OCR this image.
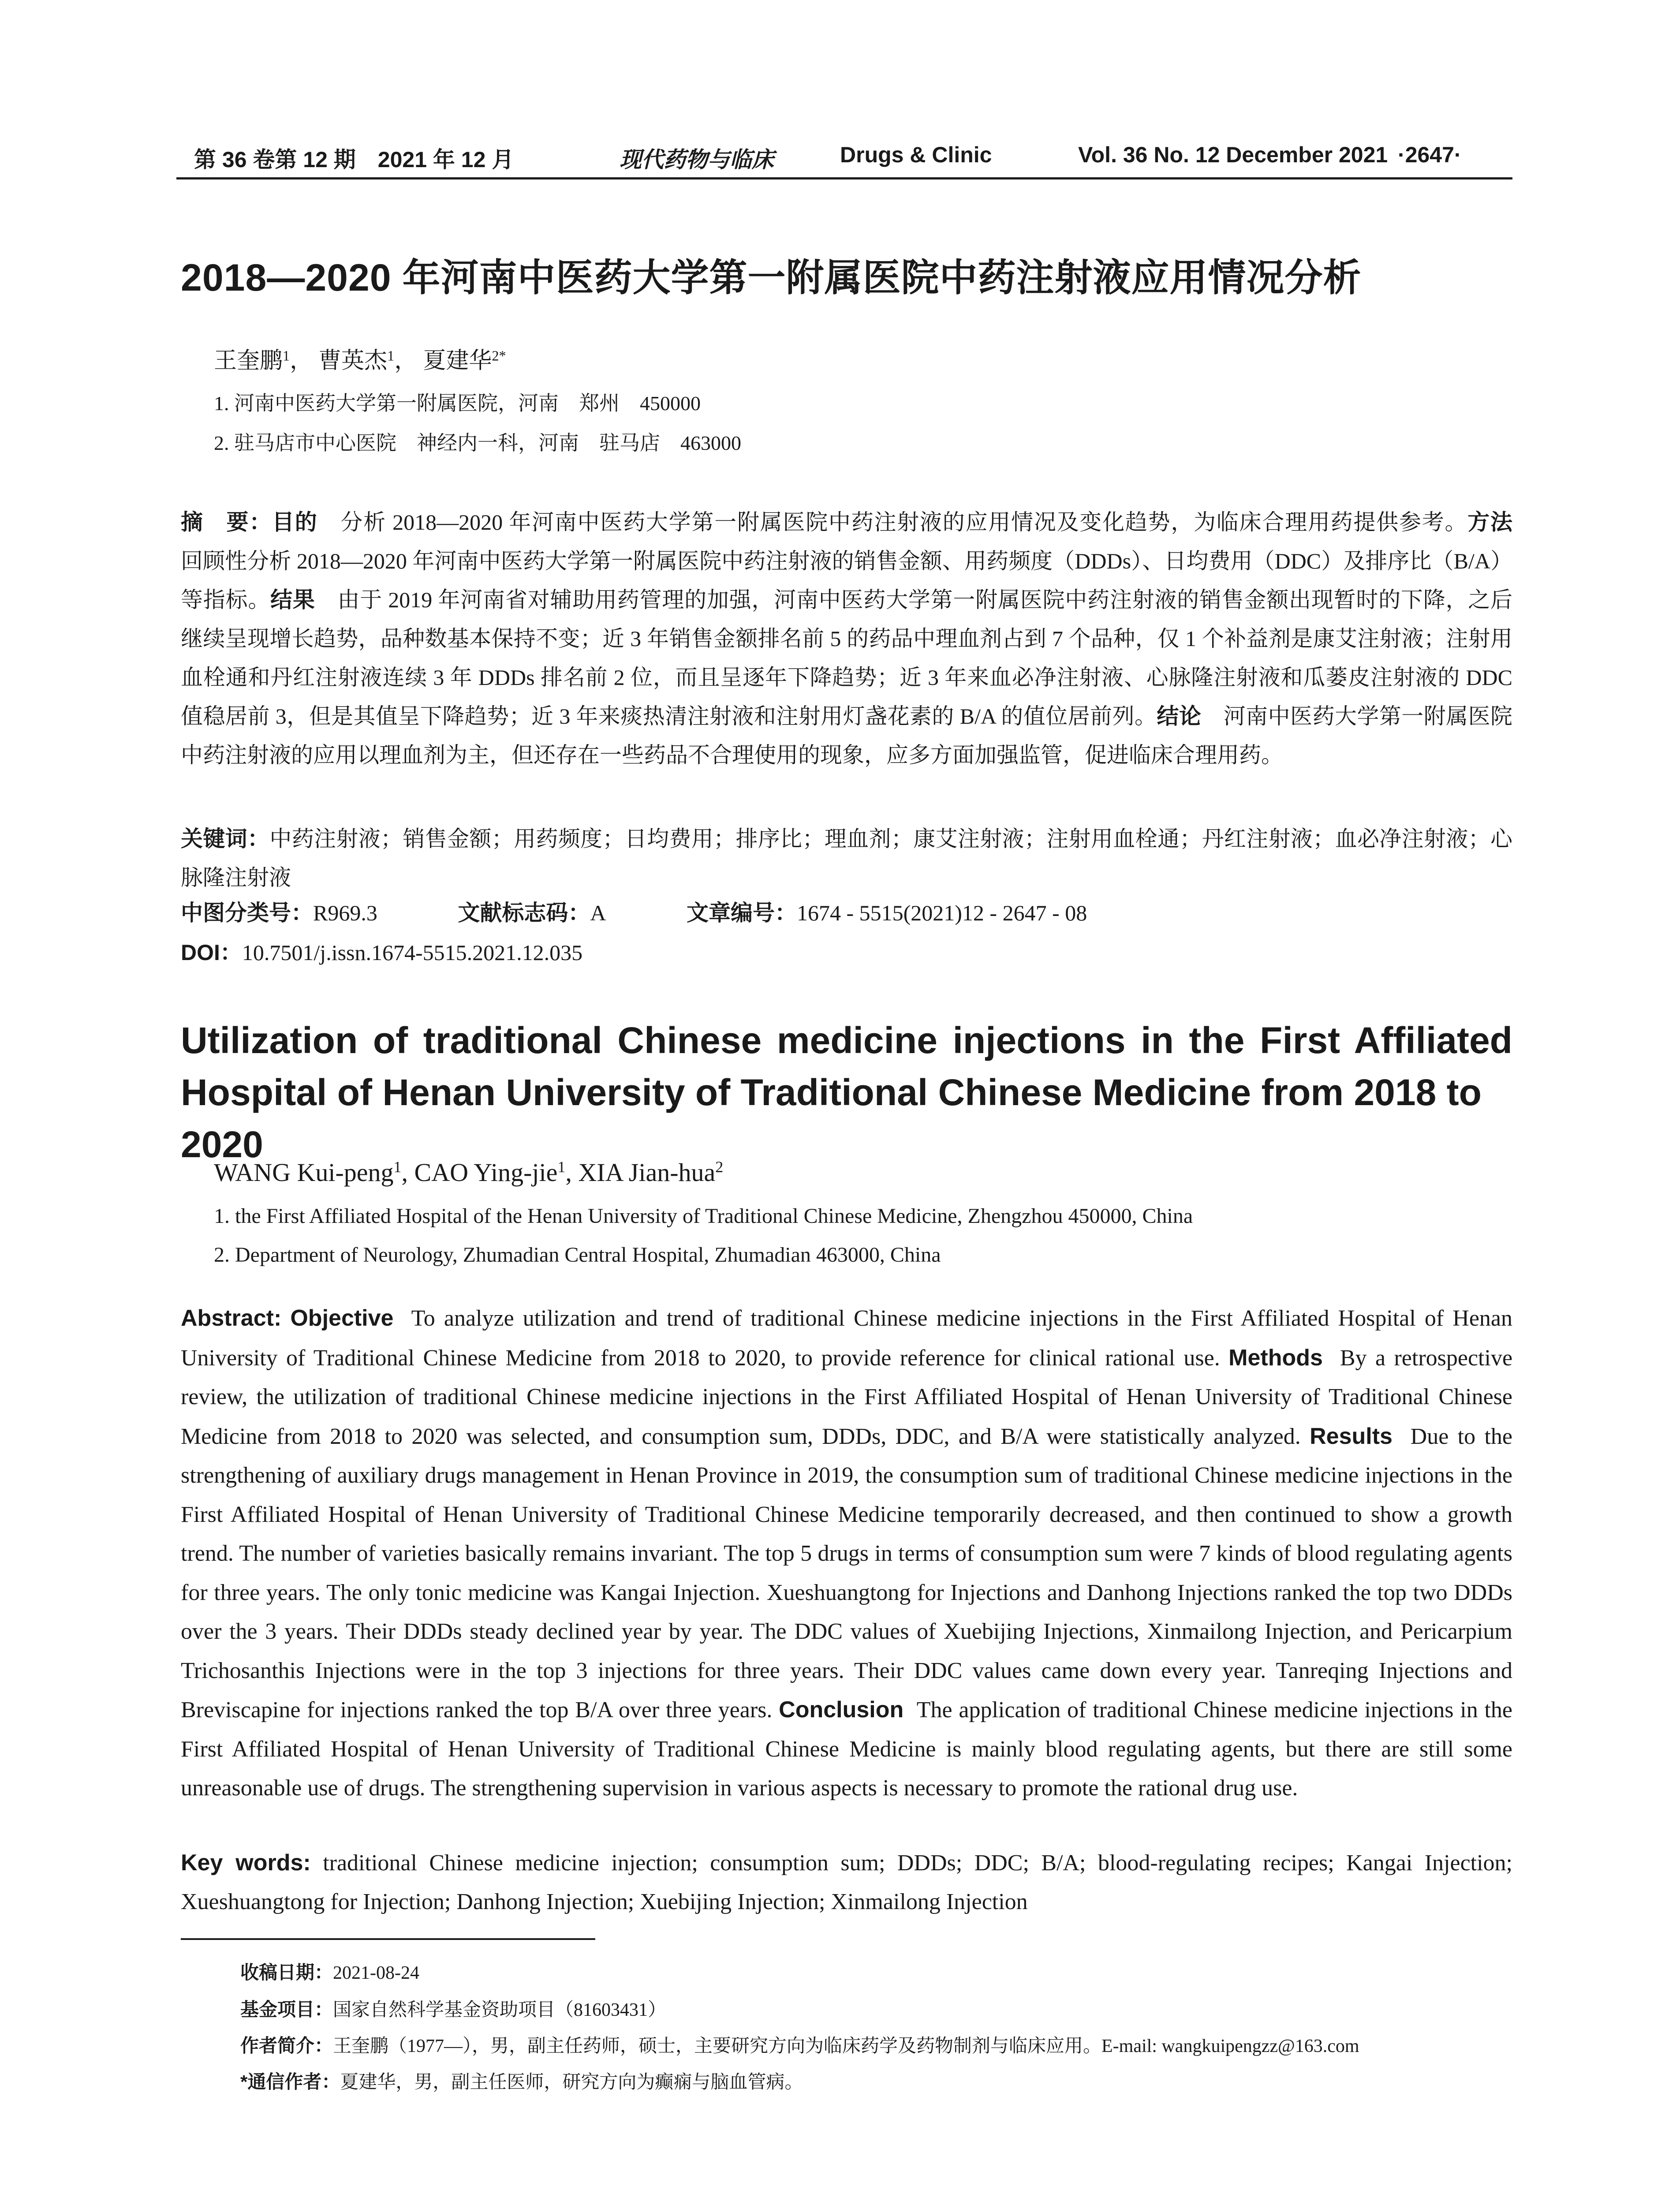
第 36 卷第 12 期　2021 年 12 月	现代药物与临床	Drugs & Clinic	Vol. 36 No. 12 December 2021 ·2647·
2018—2020 年河南中医药大学第一附属医院中药注射液应用情况分析
王奎鹏$^1$， 曹英杰$^1$， 夏建华$^{2*}$
1. 河南中医药大学第一附属医院，河南　郑州　450000
2. 驻马店市中心医院　神经内一科，河南　驻马店　463000
摘　要：目的　 分析 2018—2020 年河南中医药大学第一附属医院中药注射液的应用情况及变化趋势，为临床合理用药提供参考。方法　回顾性分析 2018—2020 年河南中医药大学第一附属医院中药注射液的销售金额、用药频度（DDDs）、日均费用（DDC）及排序比（B/A）等指标。结果　 由于 2019 年河南省对辅助用药管理的加强，河南中医药大学第一附属医院中药注射液的销售金额出现暂时的下降，之后继续呈现增长趋势，品种数基本保持不变；近 3 年销售金额排名前 5 的药品中理血剂占到 7 个品种，仅 1 个补益剂是康艾注射液；注射用血栓通和丹红注射液连续 3 年 DDDs 排名前 2 位，而且呈逐年下降趋势；近 3 年来血必净注射液、心脉隆注射液和瓜蒌皮注射液的 DDC 值稳居前 3，但是其值呈下降趋势；近 3 年来痰热清注射液和注射用灯盏花素的 B/A 的值位居前列。结论　 河南中医药大学第一附属医院中药注射液的应用以理血剂为主，但还存在一些药品不合理使用的现象，应多方面加强监管，促进临床合理用药。
关键词：中药注射液；销售金额；用药频度；日均费用；排序比；理血剂；康艾注射液；注射用血栓通；丹红注射液；血必净注射液；心脉隆注射液
中图分类号：R969.3	文献标志码：A	文章编号：1674 - 5515(2021)12 - 2647 - 08
DOI：10.7501/j.issn.1674-5515.2021.12.035
Utilization of traditional Chinese medicine injections in the First Affiliated
Hospital of Henan University of Traditional Chinese Medicine from 2018 to 2020
WANG Kui-peng$^1$, CAO Ying-jie$^1$, XIA Jian-hua$^2$
1. the First Affiliated Hospital of the Henan University of Traditional Chinese Medicine, Zhengzhou 450000, China
2. Department of Neurology, Zhumadian Central Hospital, Zhumadian 463000, China
Abstract: Objective To analyze utilization and trend of traditional Chinese medicine injections in the First Affiliated Hospital of Henan University of Traditional Chinese Medicine from 2018 to 2020, to provide reference for clinical rational use. Methods By a retrospective review, the utilization of traditional Chinese medicine injections in the First Affiliated Hospital of Henan University of Traditional Chinese Medicine from 2018 to 2020 was selected, and consumption sum, DDDs, DDC, and B/A were statistically analyzed. Results Due to the strengthening of auxiliary drugs management in Henan Province in 2019, the consumption sum of traditional Chinese medicine injections in the First Affiliated Hospital of Henan University of Traditional Chinese Medicine temporarily decreased, and then continued to show a growth trend. The number of varieties basically remains invariant. The top 5 drugs in terms of consumption sum were 7 kinds of blood regulating agents for three years. The only tonic medicine was Kangai Injection. Xueshuangtong for Injections and Danhong Injections ranked the top two DDDs over the 3 years. Their DDDs steady declined year by year. The DDC values of Xuebijing Injections, Xinmailong Injection, and Pericarpium Trichosanthis Injections were in the top 3 injections for three years. Their DDC values came down every year. Tanreqing Injections and Breviscapine for injections ranked the top B/A over three years. Conclusion The application of traditional Chinese medicine injections in the First Affiliated Hospital of Henan University of Traditional Chinese Medicine is mainly blood regulating agents, but there are still some unreasonable use of drugs. The strengthening supervision in various aspects is necessary to promote the rational drug use.
Key words: traditional Chinese medicine injection; consumption sum; DDDs; DDC; B/A; blood-regulating recipes; Kangai Injection; Xueshuangtong for Injection; Danhong Injection; Xuebijing Injection; Xinmailong Injection
收稿日期：2021-08-24
基金项目：国家自然科学基金资助项目（81603431）
作者简介：王奎鹏（1977—），男，副主任药师，硕士，主要研究方向为临床药学及药物制剂与临床应用。E-mail: wangkuipengzz@163.com
*通信作者：夏建华，男，副主任医师，研究方向为癫痫与脑血管病。
